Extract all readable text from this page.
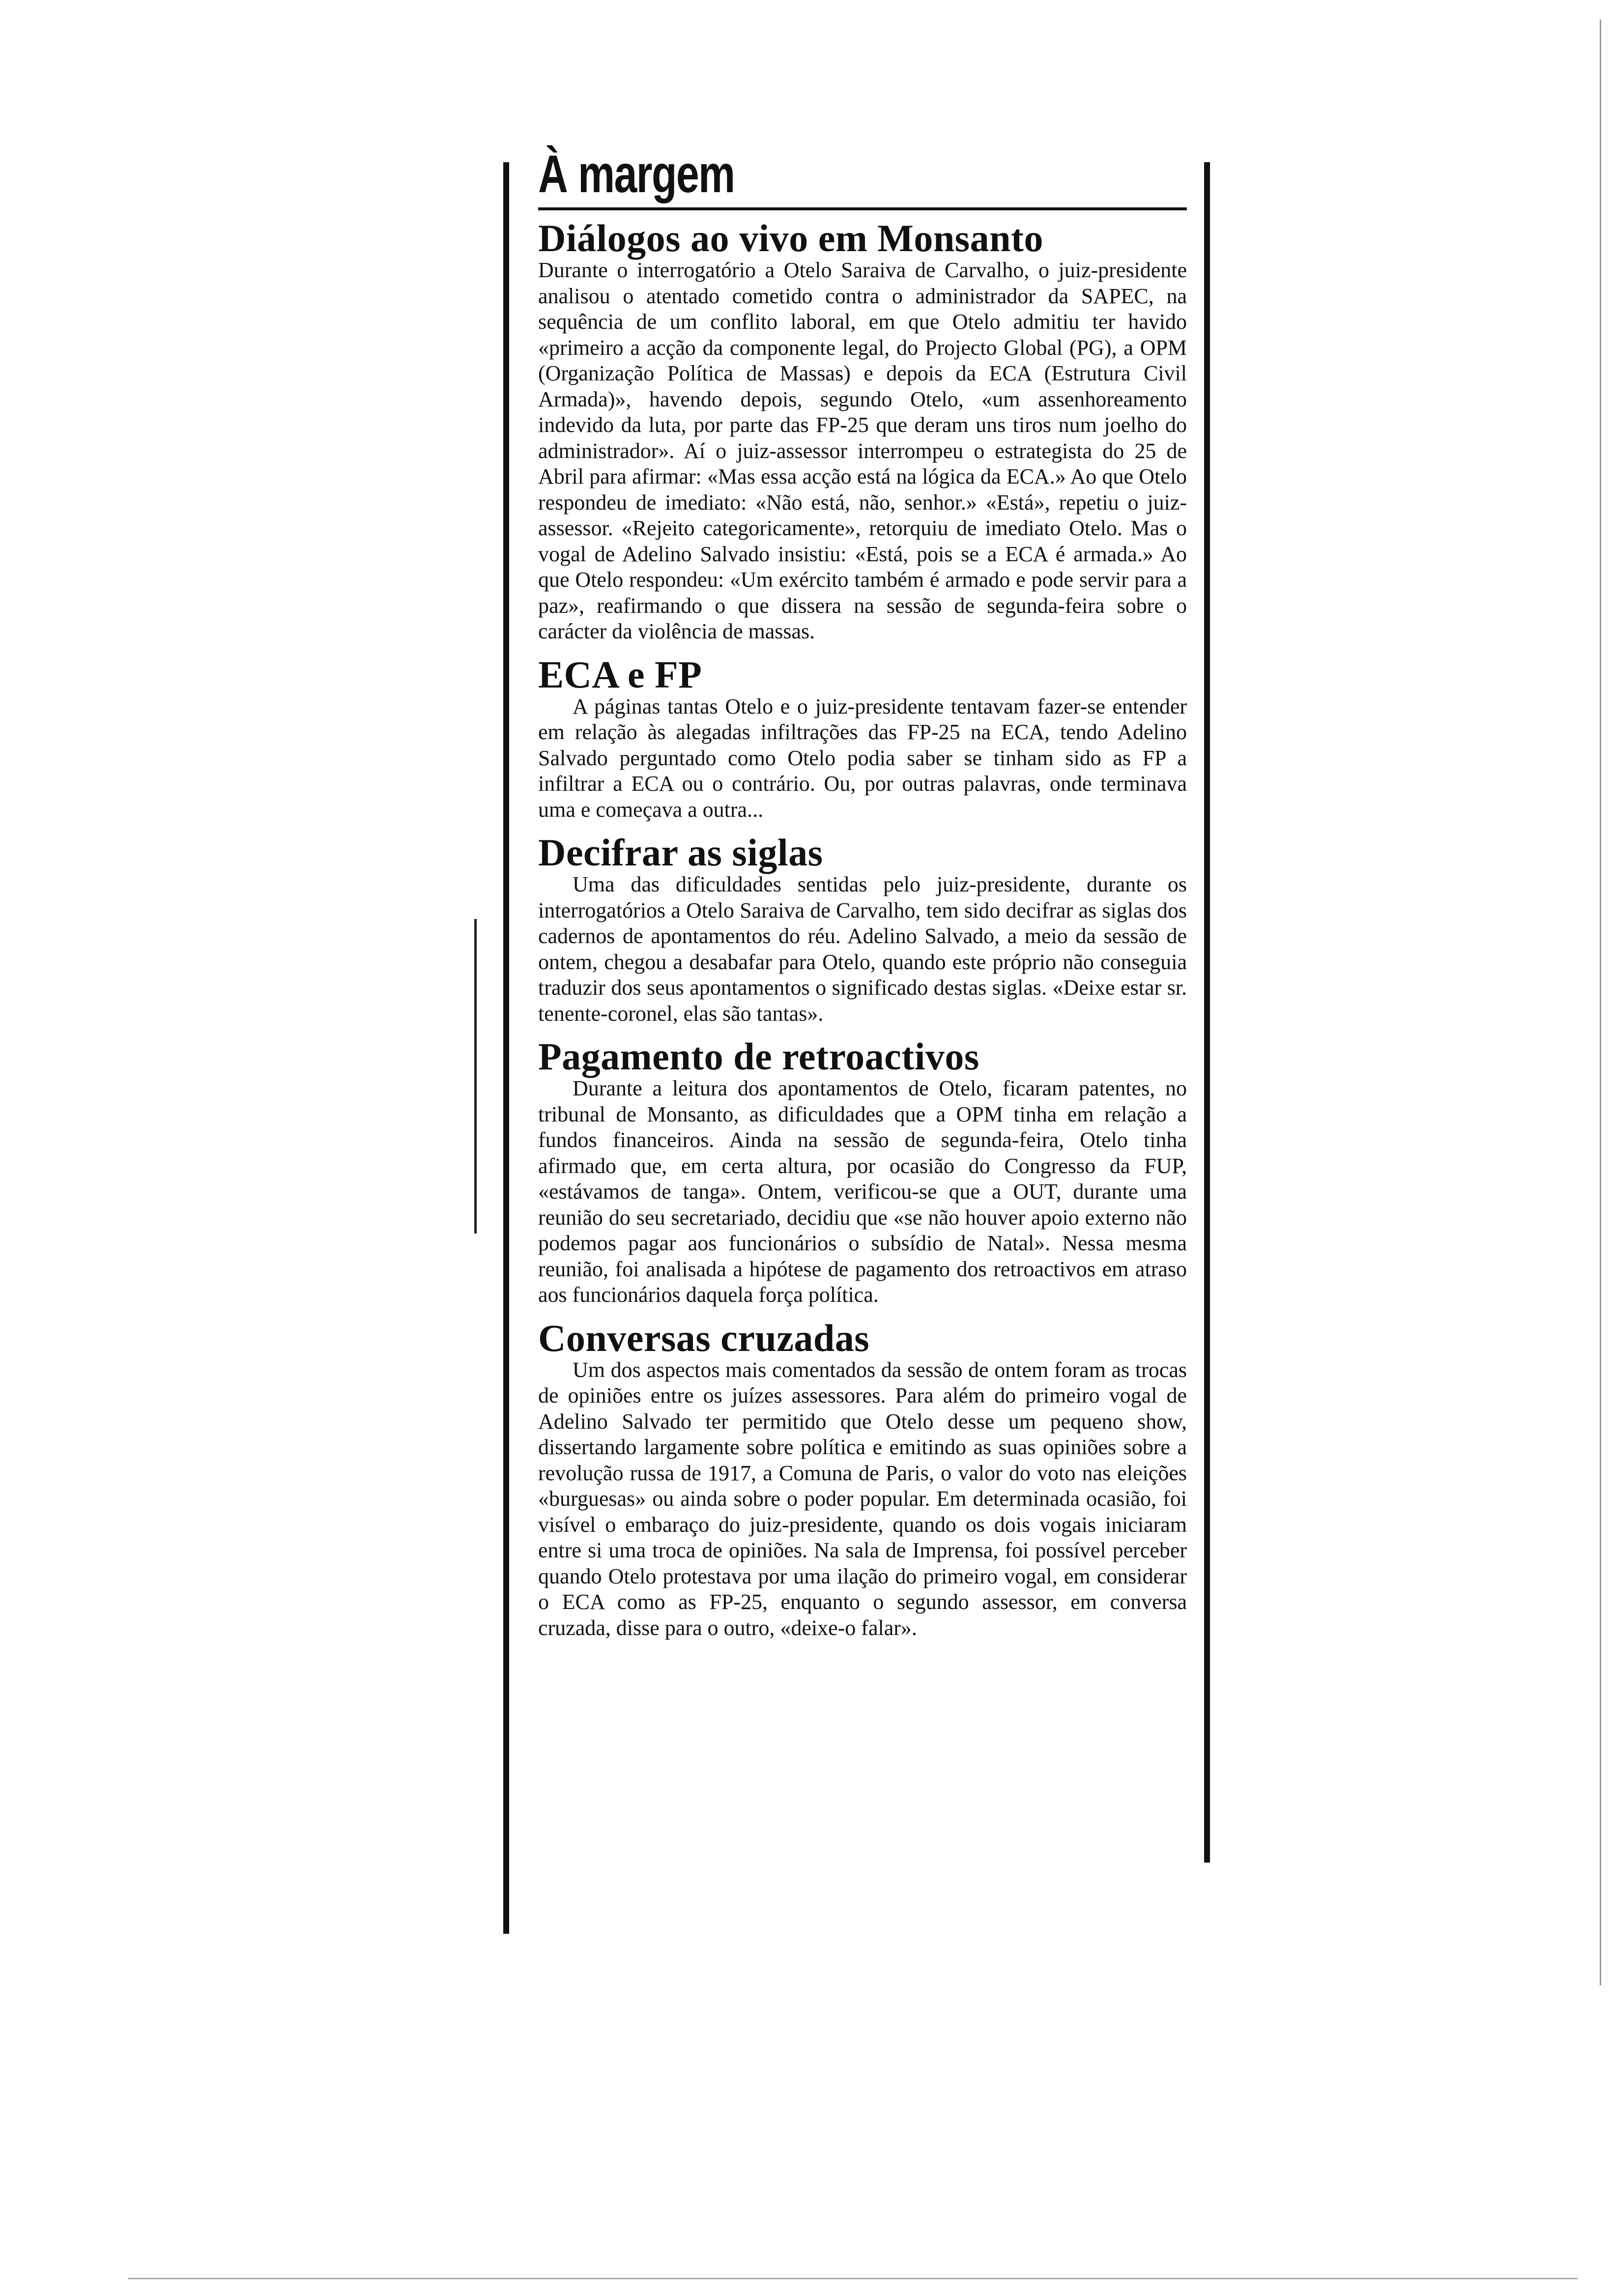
À margem
Diálogos ao vivo em Monsanto

Durante o interrogatório a Otelo Saraiva de Carvalho, o juiz-presidente analisou o atentado cometido contra o administrador da SAPEC, na sequência de um conflito laboral, em que Otelo admitiu ter havido «primeiro a acção da componente legal, do Projecto Global (PG), a OPM (Organização Política de Massas) e depois da ECA (Estrutura Civil Armada)», havendo depois, segundo Otelo, «um assenhoreamento indevido da luta, por parte das FP-25 que deram uns tiros num joelho do administrador». Aí o juiz-assessor interrompeu o estrategista do 25 de Abril para afirmar: «Mas essa acção está na lógica da ECA.» Ao que Otelo respondeu de imediato: «Não está, não, senhor.» «Está», repetiu o juiz-assessor. «Rejeito categoricamente», retorquiu de imediato Otelo. Mas o vogal de Adelino Salvado insistiu: «Está, pois se a ECA é armada.» Ao que Otelo respondeu: «Um exército também é armado e pode servir para a paz», reafirmando o que dissera na sessão de segunda-feira sobre o carácter da violência de massas.

ECA e FP

A páginas tantas Otelo e o juiz-presidente tentavam fazer-se entender em relação às alegadas infiltrações das FP-25 na ECA, tendo Adelino Salvado perguntado como Otelo podia saber se tinham sido as FP a infiltrar a ECA ou o contrário. Ou, por outras palavras, onde terminava uma e começava a outra...

Decifrar as siglas

Uma das dificuldades sentidas pelo juiz-presidente, durante os interrogatórios a Otelo Saraiva de Carvalho, tem sido decifrar as siglas dos cadernos de apontamentos do réu. Adelino Salvado, a meio da sessão de ontem, chegou a desabafar para Otelo, quando este próprio não conseguia traduzir dos seus apontamentos o significado destas siglas. «Deixe estar sr. tenente-coronel, elas são tantas».

Pagamento de retroactivos

Durante a leitura dos apontamentos de Otelo, ficaram patentes, no tribunal de Monsanto, as dificuldades que a OPM tinha em relação a fundos financeiros. Ainda na sessão de segunda-feira, Otelo tinha afirmado que, em certa altura, por ocasião do Congresso da FUP, «estávamos de tanga». Ontem, verificou-se que a OUT, durante uma reunião do seu secretariado, decidiu que «se não houver apoio externo não podemos pagar aos funcionários o subsídio de Natal». Nessa mesma reunião, foi analisada a hipótese de pagamento dos retroactivos em atraso aos funcionários daquela força política.

Conversas cruzadas

Um dos aspectos mais comentados da sessão de ontem foram as trocas de opiniões entre os juízes assessores. Para além do primeiro vogal de Adelino Salvado ter permitido que Otelo desse um pequeno show, dissertando largamente sobre política e emitindo as suas opiniões sobre a revolução russa de 1917, a Comuna de Paris, o valor do voto nas eleições «burguesas» ou ainda sobre o poder popular. Em determinada ocasião, foi visível o embaraço do juiz-presidente, quando os dois vogais iniciaram entre si uma troca de opiniões. Na sala de Imprensa, foi possível perceber quando Otelo protestava por uma ilação do primeiro vogal, em considerar o ECA como as FP-25, enquanto o segundo assessor, em conversa cruzada, disse para o outro, «deixe-o falar».
